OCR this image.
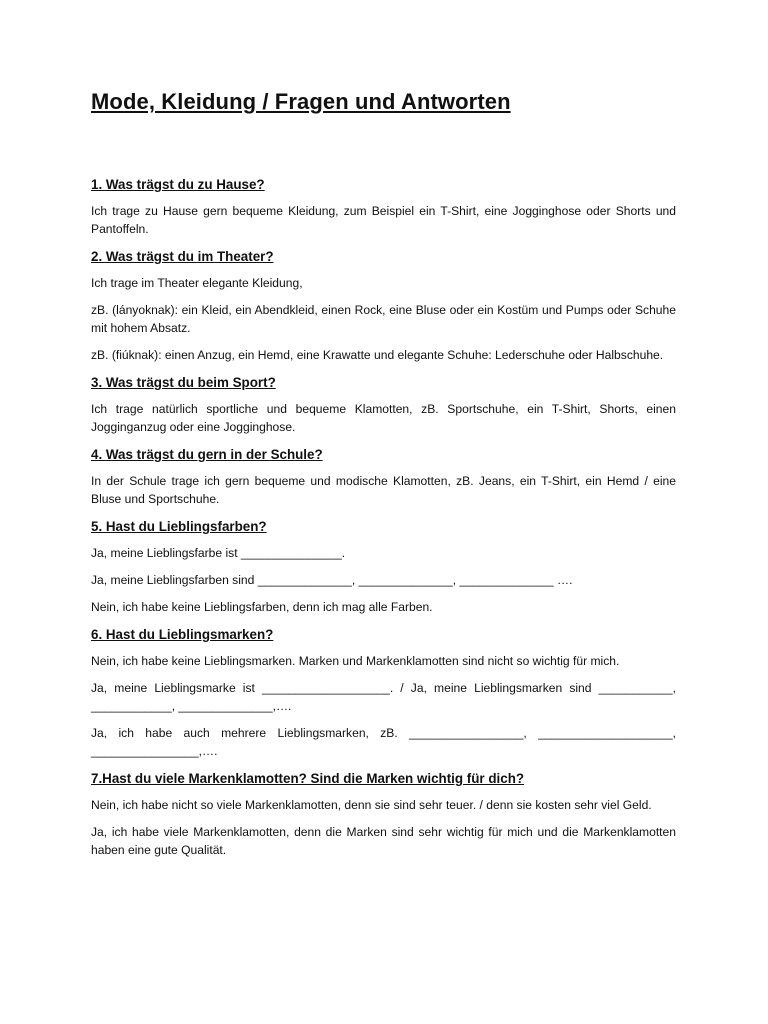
Mode, Kleidung / Fragen und Antworten
1. Was trägst du zu Hause?

Ich trage zu Hause gern bequeme Kleidung, zum Beispiel ein T-Shirt, eine Jogginghose oder Shorts und Pantoffeln.

2. Was trägst du im Theater?

Ich trage im Theater elegante Kleidung,

zB. (lányoknak): ein Kleid, ein Abendkleid, einen Rock, eine Bluse oder ein Kostüm und Pumps oder Schuhe mit hohem Absatz.

zB. (fiúknak): einen Anzug, ein Hemd, eine Krawatte und elegante Schuhe: Lederschuhe oder Halbschuhe.

3. Was trägst du beim Sport?

Ich trage natürlich sportliche und bequeme Klamotten, zB. Sportschuhe, ein T-Shirt, Shorts, einen Jogginganzug oder eine Jogginghose.

4. Was trägst du gern in der Schule?

In der Schule trage ich gern bequeme und modische Klamotten, zB. Jeans, ein T-Shirt, ein Hemd / eine Bluse und Sportschuhe.

5. Hast du Lieblingsfarben?

Ja, meine Lieblingsfarbe ist _______________.

Ja, meine Lieblingsfarben sind ______________, ______________, ______________ ….

Nein, ich habe keine Lieblingsfarben, denn ich mag alle Farben.

6. Hast du Lieblingsmarken?

Nein, ich habe keine Lieblingsmarken. Marken und Markenklamotten sind nicht so wichtig für mich.

Ja, meine Lieblingsmarke ist ___________________. / Ja, meine Lieblingsmarken sind ___________, ____________, ______________,….

Ja, ich habe auch mehrere Lieblingsmarken, zB. _________________, ____________________, ________________,….

7.Hast du viele Markenklamotten? Sind die Marken wichtig für dich?

Nein, ich habe nicht so viele Markenklamotten, denn sie sind sehr teuer. / denn sie kosten sehr viel Geld.

Ja, ich habe viele Markenklamotten, denn die Marken sind sehr wichtig für mich und die Markenklamotten haben eine gute Qualität.
